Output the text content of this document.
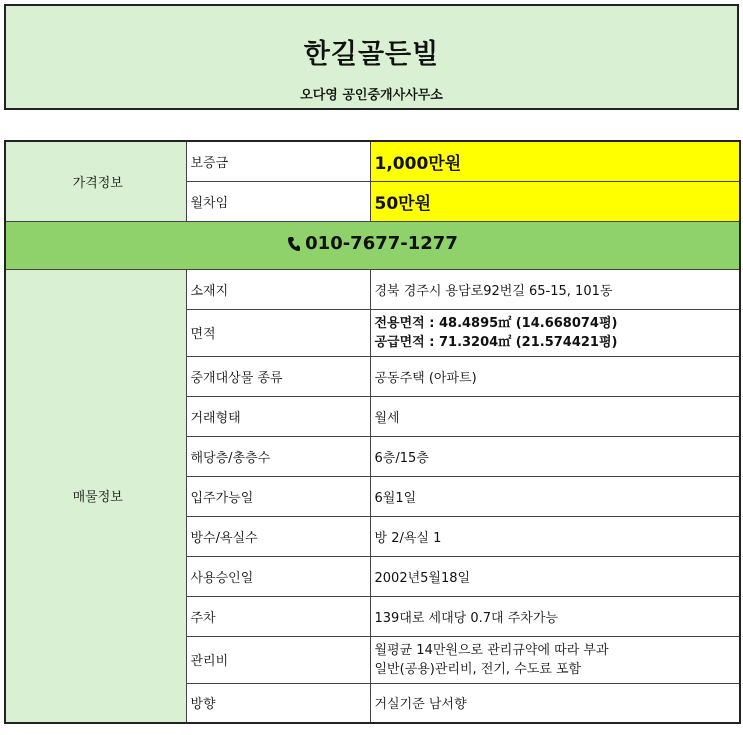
한길골든빌
오다영 공인중개사사무소
가격정보	보증금	1,000만원
	월차임	50만원
010-7677-1277		
매물정보	소재지	경북 경주시 용담로92번길 65-15, 101동
	면적	전용면적 : 48.4895㎡ (14.668074평)
공급면적 : 71.3204㎡ (21.574421평)

	중개대상물 종류	공동주택 (아파트)
	거래형태	월세
	해당층/총층수	6층/15층
	입주가능일	6월1일
	방수/욕실수	방 2/욕실 1
	사용승인일	2002년5월18일
	주차	139대로 세대당 0.7대 주차가능
	관리비	월평균 14만원으로 관리규약에 따라 부과
일반(공용)관리비, 전기, 수도료 포함

	방향	거실기준 남서향
